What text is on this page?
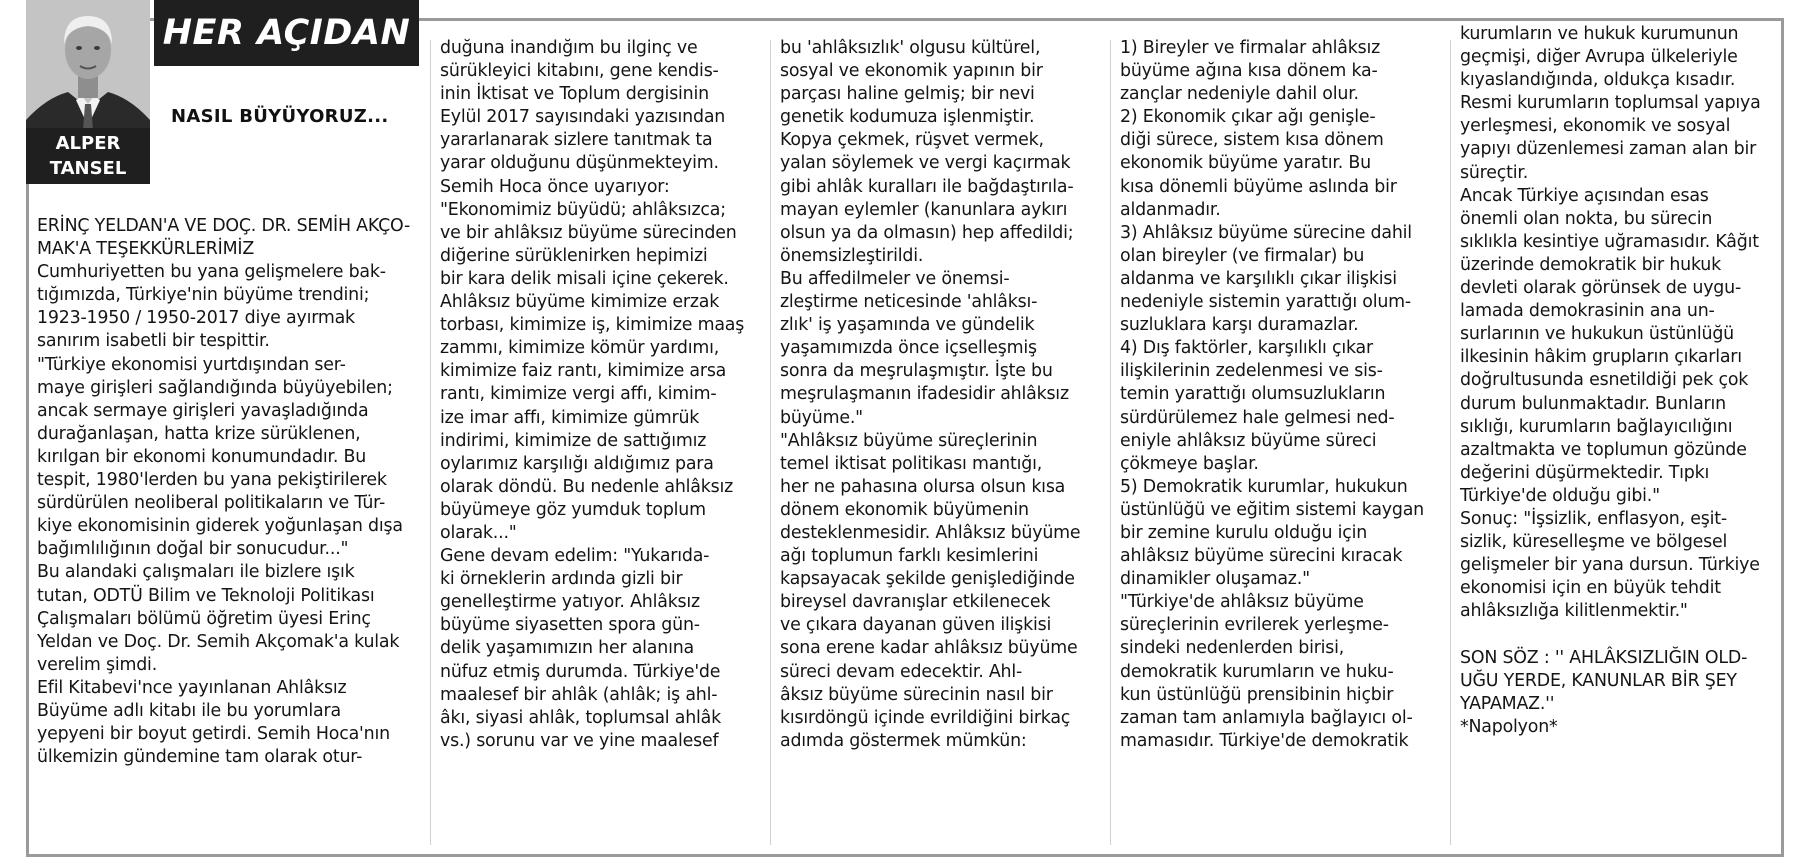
ALPER
TANSEL
HER AÇIDAN
NASIL BÜYÜYORUZ...
ERİNÇ YELDAN'A VE DOÇ. DR. SEMİH AKÇO-
MAK'A TEŞEKKÜRLERİMİZ
Cumhuriyetten bu yana gelişmelere bak-
tığımızda, Türkiye'nin büyüme trendini;
1923-1950 / 1950-2017 diye ayırmak
sanırım isabetli bir tespittir.
"Türkiye ekonomisi yurtdışından ser-
maye girişleri sağlandığında büyüyebilen;
ancak sermaye girişleri yavaşladığında
durağanlaşan, hatta krize sürüklenen,
kırılgan bir ekonomi konumundadır. Bu
tespit, 1980'lerden bu yana pekiştirilerek
sürdürülen neoliberal politikaların ve Tür-
kiye ekonomisinin giderek yoğunlaşan dışa
bağımlılığının doğal bir sonucudur..."
Bu alandaki çalışmaları ile bizlere ışık
tutan, ODTÜ Bilim ve Teknoloji Politikası
Çalışmaları bölümü öğretim üyesi Erinç
Yeldan ve Doç. Dr. Semih Akçomak'a kulak
verelim şimdi.
Efil Kitabevi'nce yayınlanan Ahlâksız
Büyüme adlı kitabı ile bu yorumlara
yepyeni bir boyut getirdi. Semih Hoca'nın
ülkemizin gündemine tam olarak otur-
duğuna inandığım bu ilginç ve
sürükleyici kitabını, gene kendis-
inin İktisat ve Toplum dergisinin
Eylül 2017 sayısındaki yazısından
yararlanarak sizlere tanıtmak ta
yarar olduğunu düşünmekteyim.
Semih Hoca önce uyarıyor:
"Ekonomimiz büyüdü; ahlâksızca;
ve bir ahlâksız büyüme sürecinden
diğerine sürüklenirken hepimizi
bir kara delik misali içine çekerek.
Ahlâksız büyüme kimimize erzak
torbası, kimimize iş, kimimize maaş
zammı, kimimize kömür yardımı,
kimimize faiz rantı, kimimize arsa
rantı, kimimize vergi affı, kimim-
ize imar affı, kimimize gümrük
indirimi, kimimize de sattığımız
oylarımız karşılığı aldığımız para
olarak döndü. Bu nedenle ahlâksız
büyümeye göz yumduk toplum
olarak..."
Gene devam edelim: "Yukarıda-
ki örneklerin ardında gizli bir
genelleştirme yatıyor. Ahlâksız
büyüme siyasetten spora gün-
delik yaşamımızın her alanına
nüfuz etmiş durumda. Türkiye'de
maalesef bir ahlâk (ahlâk; iş ahl-
âkı, siyasi ahlâk, toplumsal ahlâk
vs.) sorunu var ve yine maalesef
bu 'ahlâksızlık' olgusu kültürel,
sosyal ve ekonomik yapının bir
parçası haline gelmiş; bir nevi
genetik kodumuza işlenmiştir.
Kopya çekmek, rüşvet vermek,
yalan söylemek ve vergi kaçırmak
gibi ahlâk kuralları ile bağdaştırıla-
mayan eylemler (kanunlara aykırı
olsun ya da olmasın) hep affedildi;
önemsizleştirildi.
Bu affedilmeler ve önemsi-
zleştirme neticesinde 'ahlâksı-
zlık' iş yaşamında ve gündelik
yaşamımızda önce içselleşmiş
sonra da meşrulaşmıştır. İşte bu
meşrulaşmanın ifadesidir ahlâksız
büyüme."
"Ahlâksız büyüme süreçlerinin
temel iktisat politikası mantığı,
her ne pahasına olursa olsun kısa
dönem ekonomik büyümenin
desteklenmesidir. Ahlâksız büyüme
ağı toplumun farklı kesimlerini
kapsayacak şekilde genişlediğinde
bireysel davranışlar etkilenecek
ve çıkara dayanan güven ilişkisi
sona erene kadar ahlâksız büyüme
süreci devam edecektir. Ahl-
âksız büyüme sürecinin nasıl bir
kısırdöngü içinde evrildiğini birkaç
adımda göstermek mümkün:
1) Bireyler ve firmalar ahlâksız
büyüme ağına kısa dönem ka-
zançlar nedeniyle dahil olur.
2) Ekonomik çıkar ağı genişle-
diği sürece, sistem kısa dönem
ekonomik büyüme yaratır. Bu
kısa dönemli büyüme aslında bir
aldanmadır.
3) Ahlâksız büyüme sürecine dahil
olan bireyler (ve firmalar) bu
aldanma ve karşılıklı çıkar ilişkisi
nedeniyle sistemin yarattığı olum-
suzluklara karşı duramazlar.
4) Dış faktörler, karşılıklı çıkar
ilişkilerinin zedelenmesi ve sis-
temin yarattığı olumsuzlukların
sürdürülemez hale gelmesi ned-
eniyle ahlâksız büyüme süreci
çökmeye başlar.
5) Demokratik kurumlar, hukukun
üstünlüğü ve eğitim sistemi kaygan
bir zemine kurulu olduğu için
ahlâksız büyüme sürecini kıracak
dinamikler oluşamaz."
"Türkiye'de ahlâksız büyüme
süreçlerinin evrilerek yerleşme-
sindeki nedenlerden birisi,
demokratik kurumların ve huku-
kun üstünlüğü prensibinin hiçbir
zaman tam anlamıyla bağlayıcı ol-
mamasıdır. Türkiye'de demokratik
kurumların ve hukuk kurumunun
geçmişi, diğer Avrupa ülkeleriyle
kıyaslandığında, oldukça kısadır.
Resmi kurumların toplumsal yapıya
yerleşmesi, ekonomik ve sosyal
yapıyı düzenlemesi zaman alan bir
süreçtir.
Ancak Türkiye açısından esas
önemli olan nokta, bu sürecin
sıklıkla kesintiye uğramasıdır. Kâğıt
üzerinde demokratik bir hukuk
devleti olarak görünsek de uygu-
lamada demokrasinin ana un-
surlarının ve hukukun üstünlüğü
ilkesinin hâkim grupların çıkarları
doğrultusunda esnetildiği pek çok
durum bulunmaktadır. Bunların
sıklığı, kurumların bağlayıcılığını
azaltmakta ve toplumun gözünde
değerini düşürmektedir. Tıpkı
Türkiye'de olduğu gibi."
Sonuç: "İşsizlik, enflasyon, eşit-
sizlik, küreselleşme ve bölgesel
gelişmeler bir yana dursun. Türkiye
ekonomisi için en büyük tehdit
ahlâksızlığa kilitlenmektir."

SON SÖZ : '' AHLÂKSIZLIĞIN OLD-
UĞU YERDE, KANUNLAR BİR ŞEY
YAPAMAZ.''
*Napolyon*
